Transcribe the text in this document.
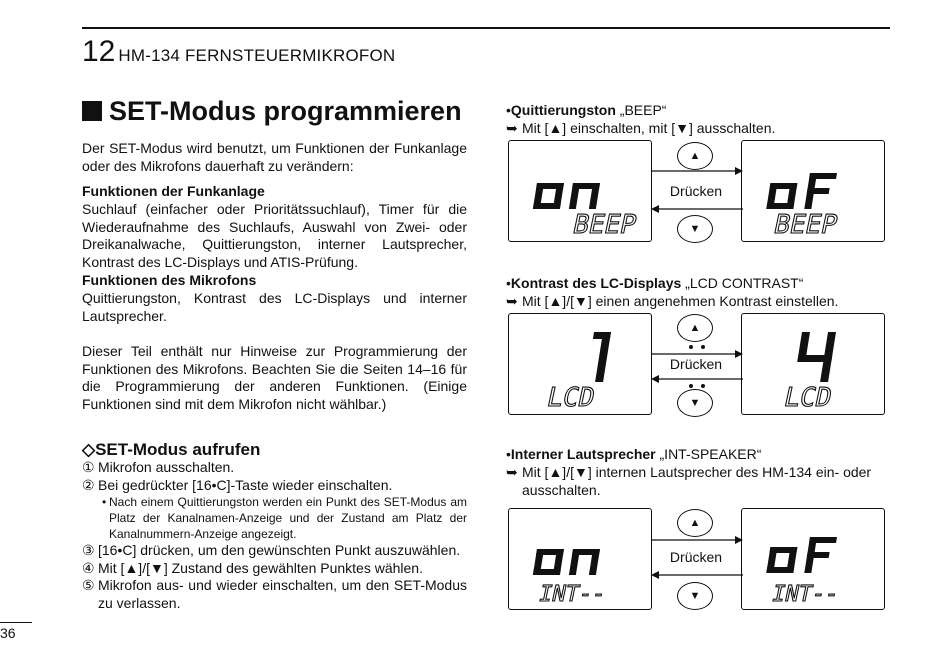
12 HM-134 FERNSTEUERMIKROFON
SET-Modus programmieren
Der SET-Modus wird benutzt, um Funktionen der Funkanlage oder des Mikrofons dauerhaft zu verändern:
Funktionen der Funkanlage
Suchlauf (einfacher oder Prioritätssuchlauf), Timer für die Wiederaufnahme des Suchlaufs, Auswahl von Zwei- oder Dreikanalwache, Quittierungston, interner Lautsprecher, Kontrast des LC-Displays und ATIS-Prüfung.
Funktionen des Mikrofons
Quittierungston, Kontrast des LC-Displays und interner Lautsprecher.
Dieser Teil enthält nur Hinweise zur Programmierung der Funktionen des Mikrofons. Beachten Sie die Seiten 14–16 für die Programmierung der anderen Funktionen. (Einige Funktionen sind mit dem Mikrofon nicht wählbar.)
◇SET-Modus aufrufen
① Mikrofon ausschalten.
② Bei gedrückter [16•C]-Taste wieder einschalten.
• Nach einem Quittierungston werden ein Punkt des SET-Modus am Platz der Kanalnamen-Anzeige und der Zustand am Platz der Kanalnummern-Anzeige angezeigt.
③ [16•C] drücken, um den gewünschten Punkt auszuwählen.
④ Mit [▲]/[▼] Zustand des gewählten Punktes wählen.
⑤ Mikrofon aus- und wieder einschalten, um den SET-Modus zu verlassen.
36
•Quittierungston „BEEP“
➥ Mit [▲] einschalten, mit [▼] ausschalten.
BEEP	BEEP
▲
▼
Drücken
•Kontrast des LC-Displays „LCD CONTRAST“
➥ Mit [▲]/[▼] einen angenehmen Kontrast einstellen.
LCD	LCD
▲
▼
Drücken
•Interner Lautsprecher „INT-SPEAKER“
➥ Mit [▲]/[▼] internen Lautsprecher des HM-134 ein- oder ausschalten.
INT--	INT--
▲
▼
Drücken
